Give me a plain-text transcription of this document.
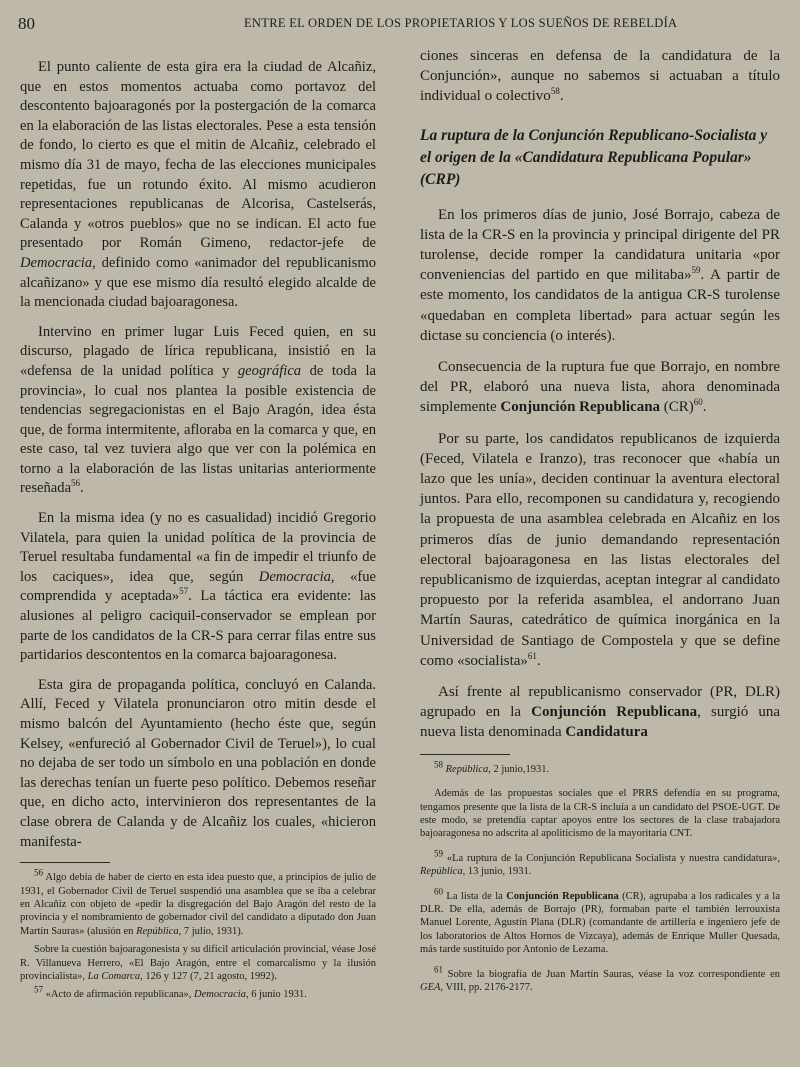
80	ENTRE EL ORDEN DE LOS PROPIETARIOS Y LOS SUEÑOS DE REBELDÍA

El punto caliente de esta gira era la ciudad de Alcañiz, que en estos momentos actuaba como portavoz del descontento bajoaragonés por la postergación de la comarca en la elaboración de las listas electorales. Pese a esta tensión de fondo, lo cierto es que el mitin de Alcañiz, celebrado el mismo día 31 de mayo, fecha de las elecciones municipales repetidas, fue un rotundo éxito. Al mismo acudieron representaciones republicanas de Alcorisa, Castelserás, Calanda y «otros pueblos» que no se indican. El acto fue presentado por Román Gimeno, redactor-jefe de Democracia, definido como «animador del republicanismo alcañizano» y que ese mismo día resultó elegido alcalde de la mencionada ciudad bajoaragonesa.

Intervino en primer lugar Luis Feced quien, en su discurso, plagado de lírica republicana, insistió en la «defensa de la unidad política y geográfica de toda la provincia», lo cual nos plantea la posible existencia de tendencias segregacionistas en el Bajo Aragón, idea ésta que, de forma intermitente, afloraba en la comarca y que, en este caso, tal vez tuviera algo que ver con la polémica en torno a la elaboración de las listas unitarias anteriormente reseñada$^{56}$.

En la misma idea (y no es casualidad) incidió Gregorio Vilatela, para quien la unidad política de la provincia de Teruel resultaba fundamental «a fin de impedir el triunfo de los caciques», idea que, según Democracia, «fue comprendida y aceptada»$^{57}$. La táctica era evidente: las alusiones al peligro caciquil-conservador se emplean por parte de los candidatos de la CR-S para cerrar filas entre sus partidarios descontentos en la comarca bajoaragonesa.

Esta gira de propaganda política, concluyó en Calanda. Allí, Feced y Vilatela pronunciaron otro mitin desde el mismo balcón del Ayuntamiento (hecho éste que, según Kelsey, «enfureció al Gobernador Civil de Teruel»), lo cual no dejaba de ser todo un símbolo en una población en donde las derechas tenían un fuerte peso político. Debemos reseñar que, en dicho acto, intervinieron dos representantes de la clase obrera de Calanda y de Alcañiz los cuales, «hicieron manifesta-

56 Algo debía de haber de cierto en esta idea puesto que, a principios de julio de 1931, el Gobernador Civil de Teruel suspendió una asamblea que se iba a celebrar en Alcañiz con objeto de «pedir la disgregación del Bajo Aragón del resto de la provincia y el nombramiento de gobernador civil del candidato a diputado don Juan Martín Sauras» (alusión en República, 7 julio, 1931).

Sobre la cuestión bajoaragonesista y su difícil articulación provincial, véase José R. Villanueva Herrero, «El Bajo Aragón, entre el comarcalismo y la ilusión provincialista», La Comarca, 126 y 127 (7, 21 agosto, 1992).

57 «Acto de afirmación republicana», Democracia, 6 junio 1931.

ciones sinceras en defensa de la candidatura de la Conjunción», aunque no sabemos si actuaban a título individual o colectivo$^{58}$.

La ruptura de la Conjunción Republicano-Socialista y el origen de la «Candidatura Republicana Popular» (CRP)

En los primeros días de junio, José Borrajo, cabeza de lista de la CR-S en la provincia y principal dirigente del PR turolense, decide romper la candidatura unitaria «por conveniencias del partido en que militaba»$^{59}$. A partir de este momento, los candidatos de la antigua CR-S turolense «quedaban en completa libertad» para actuar según les dictase su conciencia (o interés).

Consecuencia de la ruptura fue que Borrajo, en nombre del PR, elaboró una nueva lista, ahora denominada simplemente Conjunción Republicana (CR)$^{60}$.

Por su parte, los candidatos republicanos de izquierda (Feced, Vilatela e Iranzo), tras reconocer que «había un lazo que les unía», deciden continuar la aventura electoral juntos. Para ello, recomponen su candidatura y, recogiendo la propuesta de una asamblea celebrada en Alcañiz en los primeros días de junio demandando representación electoral bajoaragonesa en las listas electorales del republicanismo de izquierdas, aceptan integrar al candidato propuesto por la referida asamblea, el andorrano Juan Martín Sauras, catedrático de química inorgánica en la Universidad de Santiago de Compostela y que se define como «socialista»$^{61}$.

Así frente al republicanismo conservador (PR, DLR) agrupado en la Conjunción Republicana, surgió una nueva lista denominada Candidatura

58 República, 2 junio,1931.

Además de las propuestas sociales que el PRRS defendía en su programa, tengamos presente que la lista de la CR-S incluía a un candidato del PSOE-UGT. De este modo, se pretendía captar apoyos entre los sectores de la clase trabajadora bajoaragonesa no adscrita al apoliticismo de la mayoritaria CNT.

59 «La ruptura de la Conjunción Republicana Socialista y nuestra candidatura», República, 13 junio, 1931.

60 La lista de la Conjunción Republicana (CR), agrupaba a los radicales y a la DLR. De ella, además de Borrajo (PR), formaban parte el también lerrouxista Manuel Lorente, Agustín Plana (DLR) (comandante de artillería e ingeniero jefe de los laboratorios de Altos Hornos de Vizcaya), además de Enrique Muller Quesada, más tarde sustituido por Antonio de Lezama.

61 Sobre la biografía de Juan Martín Sauras, véase la voz correspondiente en GEA, VIII, pp. 2176-2177.
